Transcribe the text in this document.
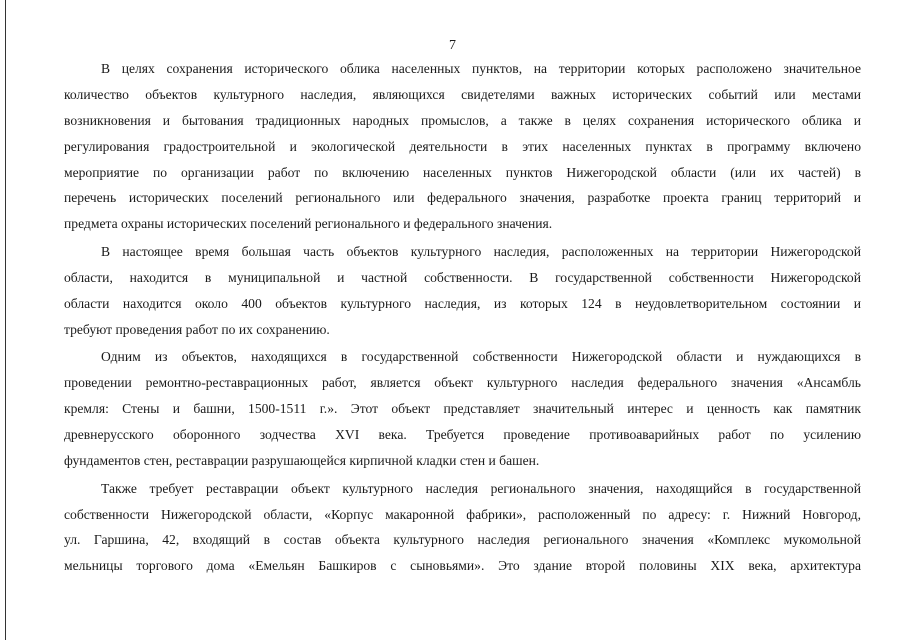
7
В целях сохранения исторического облика населенных пунктов, на территории которых расположено значительное
количество объектов культурного наследия, являющихся свидетелями важных исторических событий или местами
возникновения и бытования традиционных народных промыслов, а также в целях сохранения исторического облика и
регулирования градостроительной и экологической деятельности в этих населенных пунктах в программу включено
мероприятие по организации работ по включению населенных пунктов Нижегородской области (или их частей) в
перечень исторических поселений регионального или федерального значения, разработке проекта границ территорий и
предмета охраны исторических поселений регионального и федерального значения.
В настоящее время большая часть объектов культурного наследия, расположенных на территории Нижегородской
области, находится в муниципальной и частной собственности. В государственной собственности Нижегородской
области находится около 400 объектов культурного наследия, из которых 124 в неудовлетворительном состоянии и
требуют проведения работ по их сохранению.
Одним из объектов, находящихся в государственной собственности Нижегородской области и нуждающихся в
проведении ремонтно-реставрационных работ, является объект культурного наследия федерального значения «Ансамбль
кремля: Стены и башни, 1500-1511 г.». Этот объект представляет значительный интерес и ценность как памятник
древнерусского оборонного зодчества XVI века. Требуется проведение противоаварийных работ по усилению
фундаментов стен, реставрации разрушающейся кирпичной кладки стен и башен.
Также требует реставрации объект культурного наследия регионального значения, находящийся в государственной
собственности Нижегородской области, «Корпус макаронной фабрики», расположенный по адресу: г. Нижний Новгород,
ул. Гаршина, 42, входящий в состав объекта культурного наследия регионального значения «Комплекс мукомольной
мельницы торгового дома «Емельян Башкиров с сыновьями». Это здание второй половины XIX века, архитектура
